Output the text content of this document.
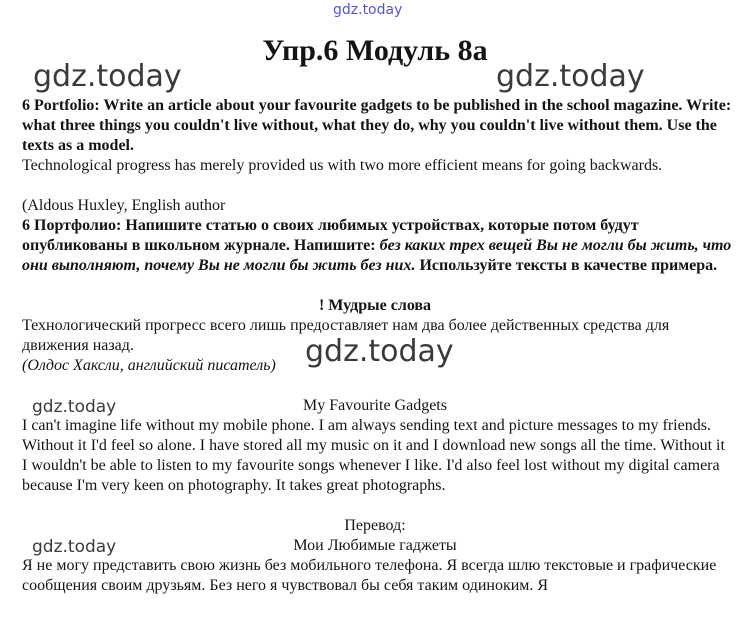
gdz.today
gdz.today	gdz.today
Упр.6 Модуль 8а

6 Portfolio: Write an article about your favourite gadgets to be published in the school magazine. Write: what three things you couldn't live without, what they do, why you couldn't live without them. Use the texts as a model.

Technological progress has merely provided us with two more efficient means for going backwards.

(Aldous Huxley, English author

6 Портфолио: Напишите статью о своих любимых устройствах, которые потом будут опубликованы в школьном журнале. Напишите: без каких трех вещей Вы не могли бы жить, что они выполняют, почему Вы не могли бы жить без них. Используйте тексты в качестве примера.

! Мудрые слова

Технологический прогресс всего лишь предоставляет нам два более действенных средства для движения назад.

(Олдос Хаксли, английский писатель) gdz.today
gdz.today	My Favourite Gadgets

I can't imagine life without my mobile phone. I am always sending text and picture messages to my friends. Without it I'd feel so alone. I have stored all my music on it and I download new songs all the time. Without it I wouldn't be able to listen to my favourite songs whenever I like. I'd also feel lost without my digital camera because I'm very keen on photography. It takes great photographs.

Перевод:

gdz.today	Мои Любимые гаджеты

Я не могу представить свою жизнь без мобильного телефона. Я всегда шлю текстовые и графические сообщения своим друзьям. Без него я чувствовал бы себя таким одиноким. Я
